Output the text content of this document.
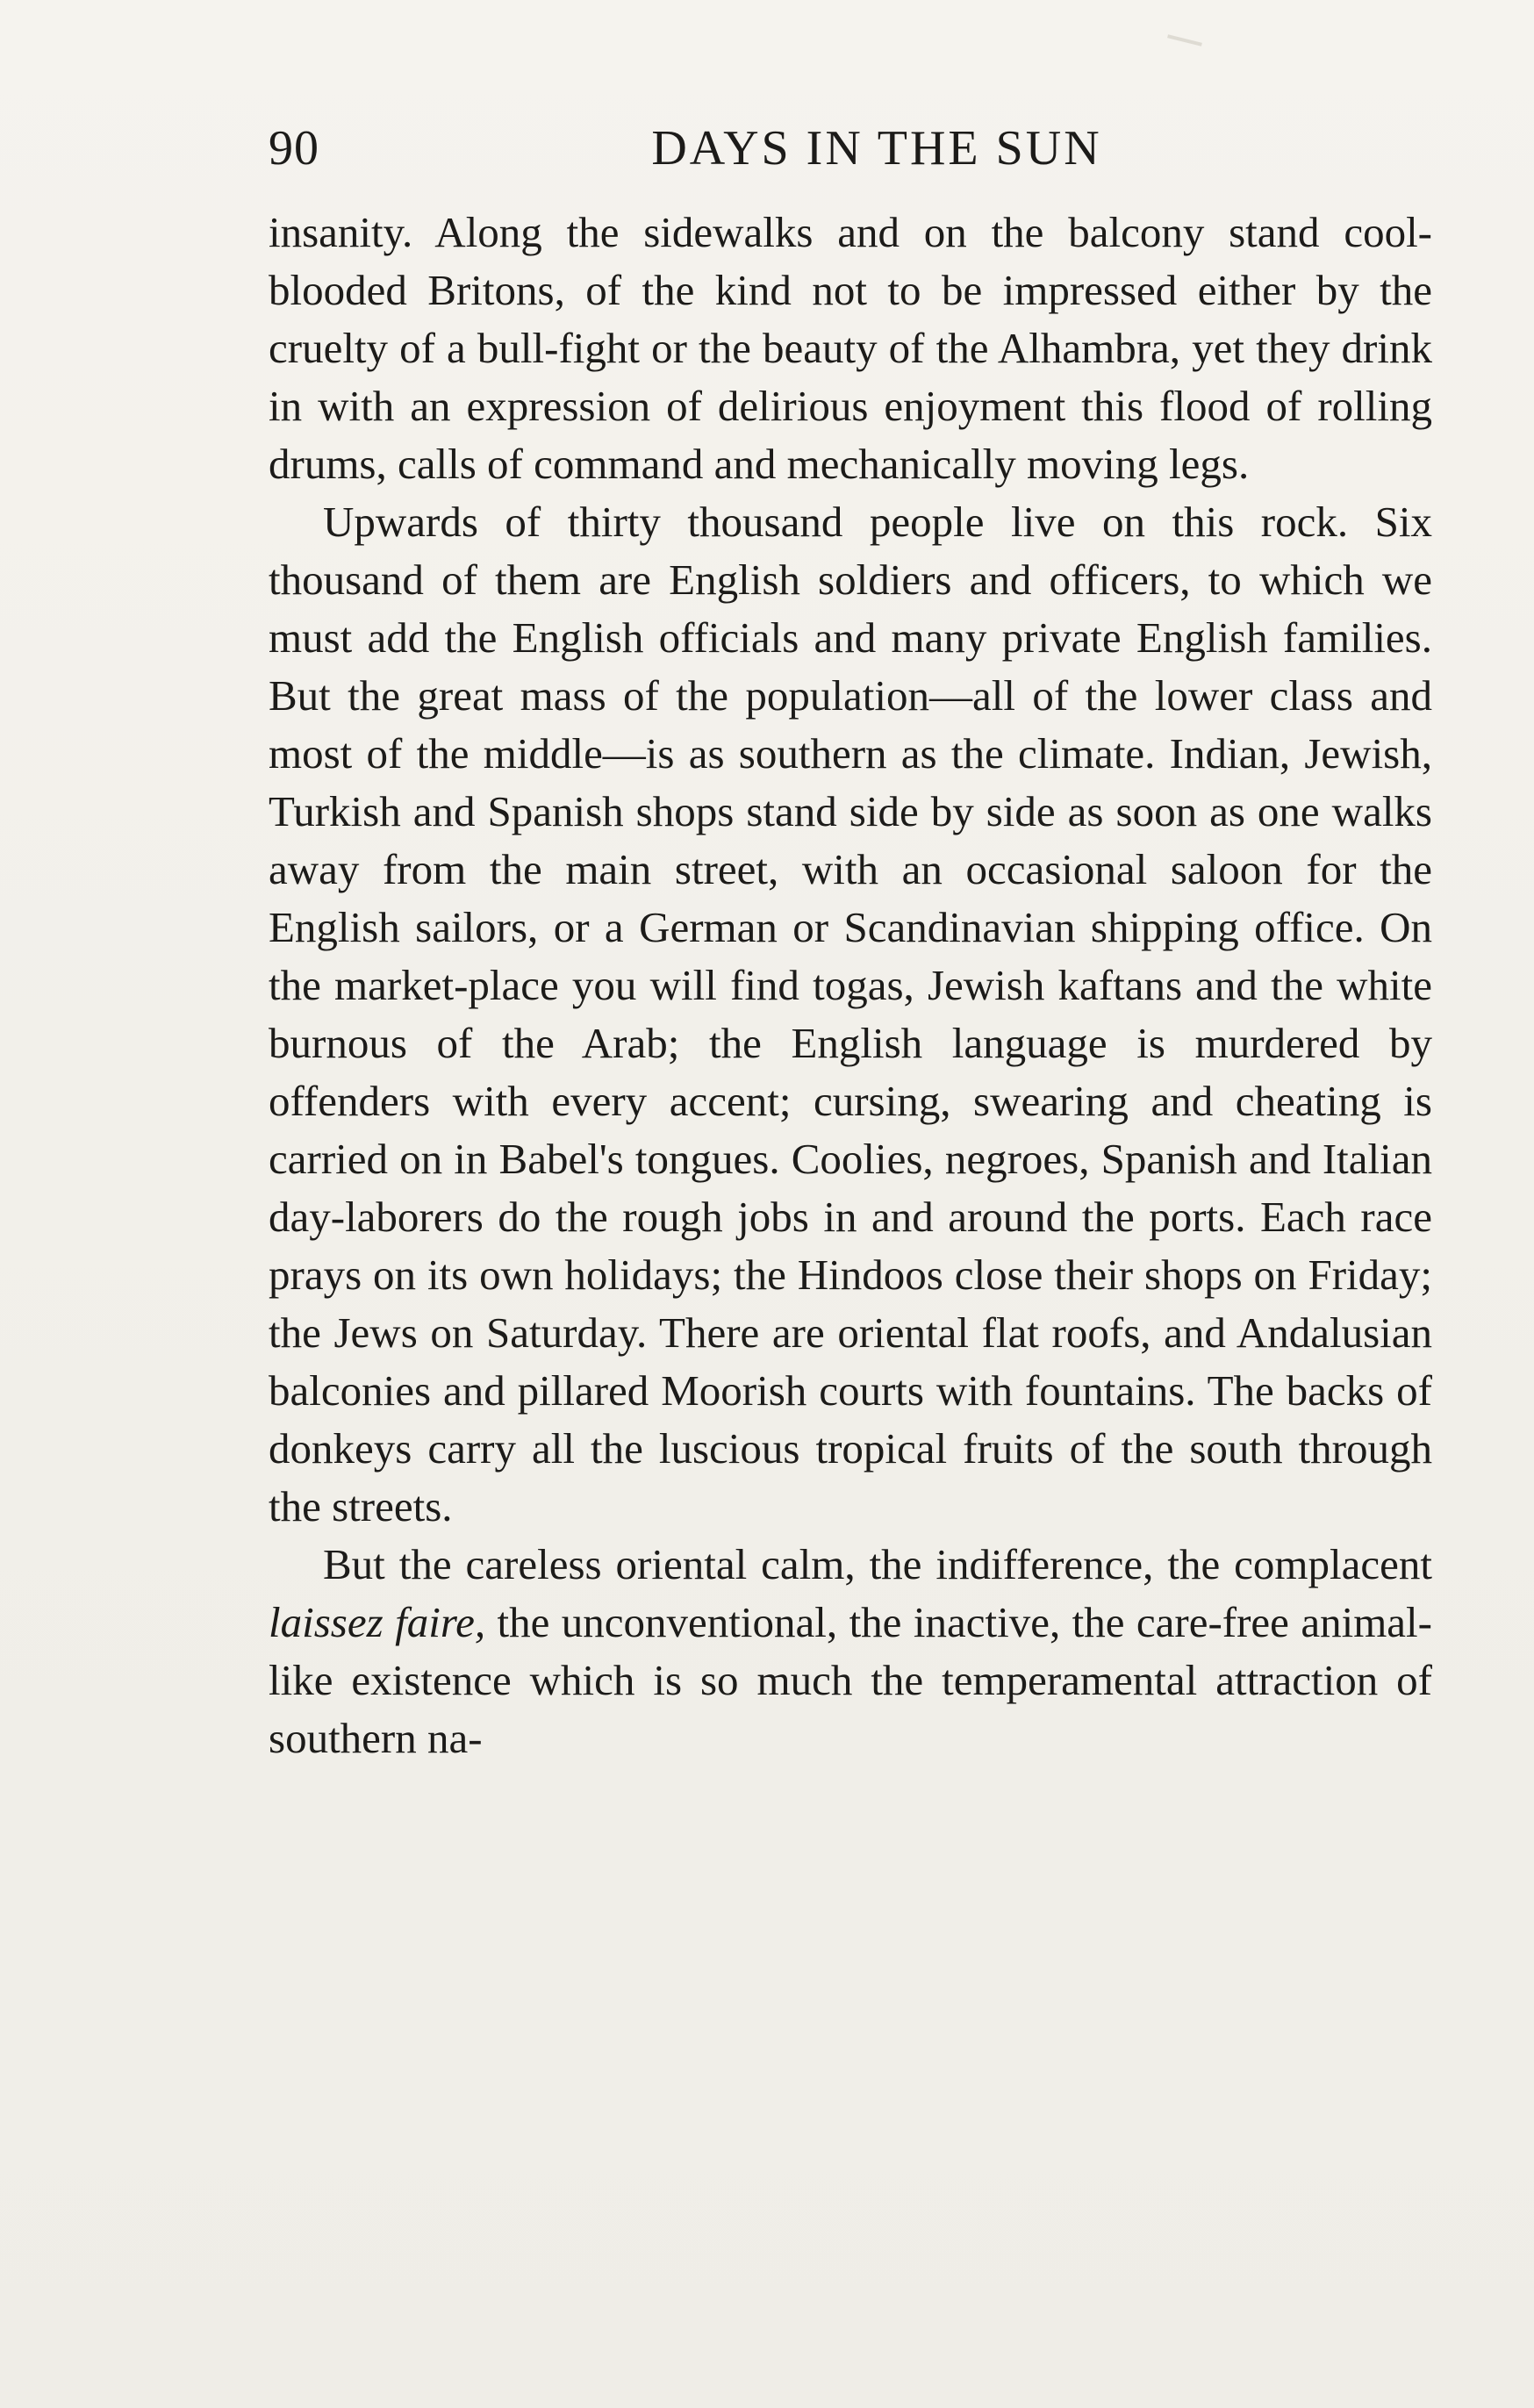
90	DAYS IN THE SUN

insanity. Along the sidewalks and on the balcony stand cool-blooded Britons, of the kind not to be impressed either by the cruelty of a bull-fight or the beauty of the Alhambra, yet they drink in with an expression of delirious enjoyment this flood of rolling drums, calls of command and mechanically moving legs.

Upwards of thirty thousand people live on this rock. Six thousand of them are English soldiers and officers, to which we must add the English officials and many private English families. But the great mass of the population—all of the lower class and most of the middle—is as southern as the climate. Indian, Jewish, Turkish and Spanish shops stand side by side as soon as one walks away from the main street, with an occasional saloon for the English sailors, or a German or Scandinavian shipping office. On the market-place you will find togas, Jewish kaftans and the white burnous of the Arab; the English language is murdered by offenders with every accent; cursing, swearing and cheating is carried on in Babel's tongues. Coolies, negroes, Spanish and Italian day-laborers do the rough jobs in and around the ports. Each race prays on its own holidays; the Hindoos close their shops on Friday; the Jews on Saturday. There are oriental flat roofs, and Andalusian balconies and pillared Moorish courts with fountains. The backs of donkeys carry all the luscious tropical fruits of the south through the streets.

But the careless oriental calm, the indifference, the complacent laissez faire, the unconventional, the inactive, the care-free animal-like existence which is so much the temperamental attraction of southern na-
